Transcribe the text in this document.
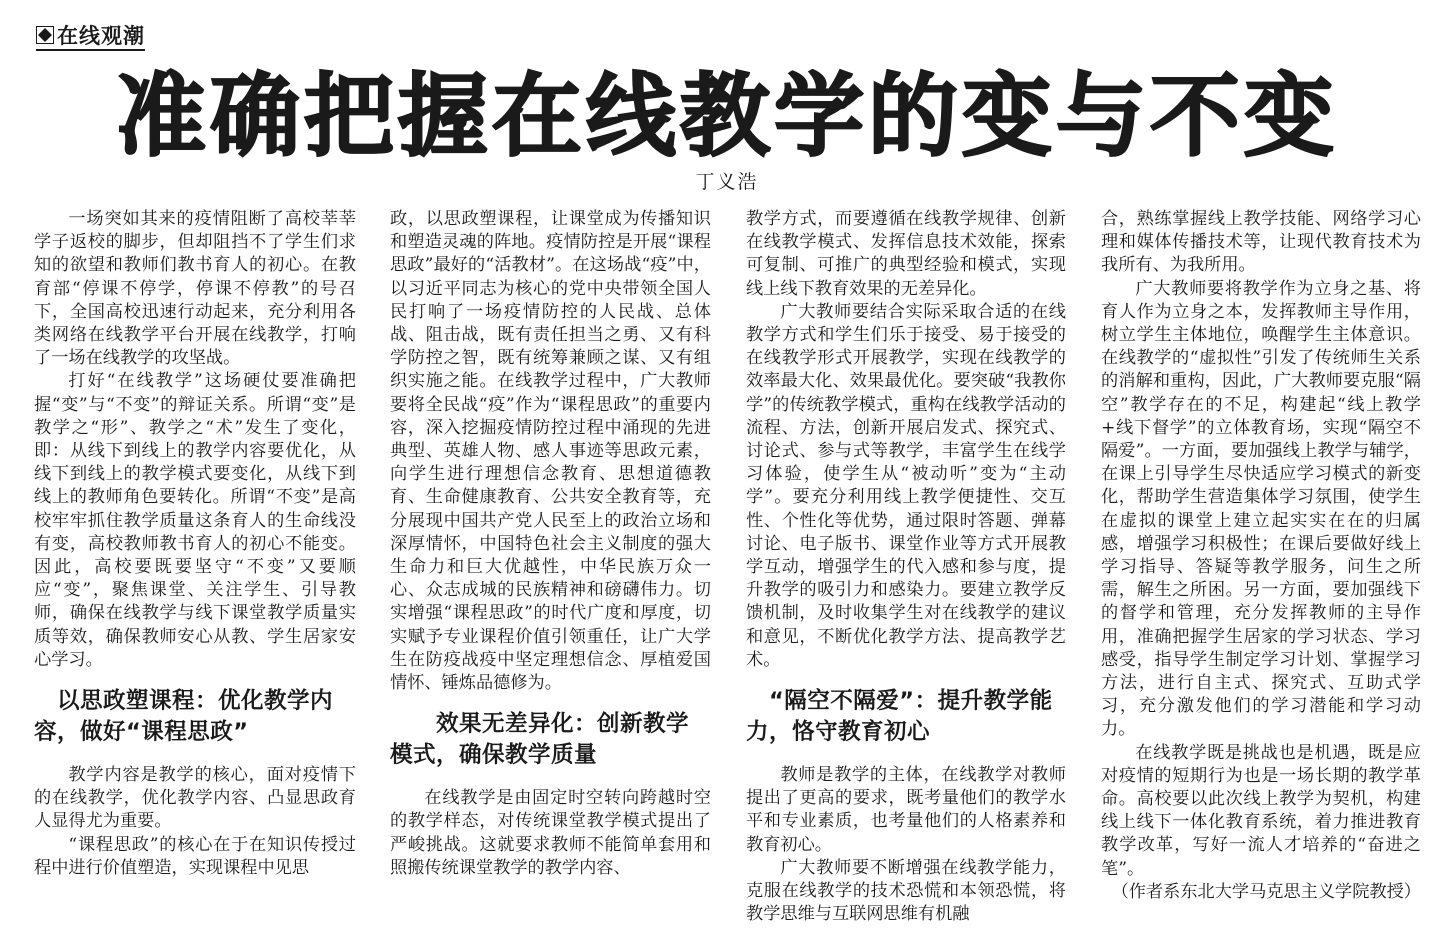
在线观潮
准确把握在线教学的变与不变
丁义浩

一场突如其来的疫情阻断了高校莘莘学子返校的脚步，但却阻挡不了学生们求知的欲望和教师们教书育人的初心。在教育部“停课不停学，停课不停教”的号召下，全国高校迅速行动起来，充分利用各类网络在线教学平台开展在线教学，打响了一场在线教学的攻坚战。

打好“在线教学”这场硬仗要准确把握“变”与“不变”的辩证关系。所谓“变”是教学之“形”、教学之“术”发生了变化，即：从线下到线上的教学内容要优化，从线下到线上的教学模式要变化，从线下到线上的教师角色要转化。所谓“不变”是高校牢牢抓住教学质量这条育人的生命线没有变，高校教师教书育人的初心不能变。因此，高校要既要坚守“不变”又要顺应“变”，聚焦课堂、关注学生、引导教师，确保在线教学与线下课堂教学质量实质等效，确保教师安心从教、学生居家安心学习。

　以思政塑课程：优化教学内容，做好“课程思政”

教学内容是教学的核心，面对疫情下的在线教学，优化教学内容、凸显思政育人显得尤为重要。

“课程思政”的核心在于在知识传授过程中进行价值塑造，实现课程中见思

政，以思政塑课程，让课堂成为传播知识和塑造灵魂的阵地。疫情防控是开展“课程思政”最好的“活教材”。在这场战“疫”中，以习近平同志为核心的党中央带领全国人民打响了一场疫情防控的人民战、总体战、阻击战，既有责任担当之勇、又有科学防控之智，既有统筹兼顾之谋、又有组织实施之能。在线教学过程中，广大教师要将全民战“疫”作为“课程思政”的重要内容，深入挖掘疫情防控过程中涌现的先进典型、英雄人物、感人事迹等思政元素，向学生进行理想信念教育、思想道德教育、生命健康教育、公共安全教育等，充分展现中国共产党人民至上的政治立场和深厚情怀，中国特色社会主义制度的强大生命力和巨大优越性，中华民族万众一心、众志成城的民族精神和磅礴伟力。切实增强“课程思政”的时代广度和厚度，切实赋予专业课程价值引领重任，让广大学生在防疫战疫中坚定理想信念、厚植爱国情怀、锤炼品德修为。

　　效果无差异化：创新教学模式，确保教学质量

在线教学是由固定时空转向跨越时空的教学样态，对传统课堂教学模式提出了严峻挑战。这就要求教师不能简单套用和照搬传统课堂教学的教学内容、

教学方式，而要遵循在线教学规律、创新在线教学模式、发挥信息技术效能，探索可复制、可推广的典型经验和模式，实现线上线下教育效果的无差异化。

广大教师要结合实际采取合适的在线教学方式和学生们乐于接受、易于接受的在线教学形式开展教学，实现在线教学的效率最大化、效果最优化。要突破“我教你学”的传统教学模式，重构在线教学活动的流程、方法，创新开展启发式、探究式、讨论式、参与式等教学，丰富学生在线学习体验，使学生从“被动听”变为“主动学”。要充分利用线上教学便捷性、交互性、个性化等优势，通过限时答题、弹幕讨论、电子版书、课堂作业等方式开展教学互动，增强学生的代入感和参与度，提升教学的吸引力和感染力。要建立教学反馈机制，及时收集学生对在线教学的建议和意见，不断优化教学方法、提高教学艺术。

　“隔空不隔爱”：提升教学能力，恪守教育初心

教师是教学的主体，在线教学对教师提出了更高的要求，既考量他们的教学水平和专业素质，也考量他们的人格素养和教育初心。

广大教师要不断增强在线教学能力，克服在线教学的技术恐慌和本领恐慌，将教学思维与互联网思维有机融

合，熟练掌握线上教学技能、网络学习心理和媒体传播技术等，让现代教育技术为我所有、为我所用。

广大教师要将教学作为立身之基、将育人作为立身之本，发挥教师主导作用，树立学生主体地位，唤醒学生主体意识。在线教学的“虚拟性”引发了传统师生关系的消解和重构，因此，广大教师要克服“隔空”教学存在的不足，构建起“线上教学+线下督学”的立体教育场，实现“隔空不隔爱”。一方面，要加强线上教学与辅学，在课上引导学生尽快适应学习模式的新变化，帮助学生营造集体学习氛围，使学生在虚拟的课堂上建立起实实在在的归属感，增强学习积极性；在课后要做好线上学习指导、答疑等教学服务，问生之所需，解生之所困。另一方面，要加强线下的督学和管理，充分发挥教师的主导作用，准确把握学生居家的学习状态、学习感受，指导学生制定学习计划、掌握学习方法，进行自主式、探究式、互助式学习，充分激发他们的学习潜能和学习动力。

在线教学既是挑战也是机遇，既是应对疫情的短期行为也是一场长期的教学革命。高校要以此次线上教学为契机，构建线上线下一体化教育系统，着力推进教育教学改革，写好一流人才培养的“奋进之笔”。

（作者系东北大学马克思主义学院教授）
